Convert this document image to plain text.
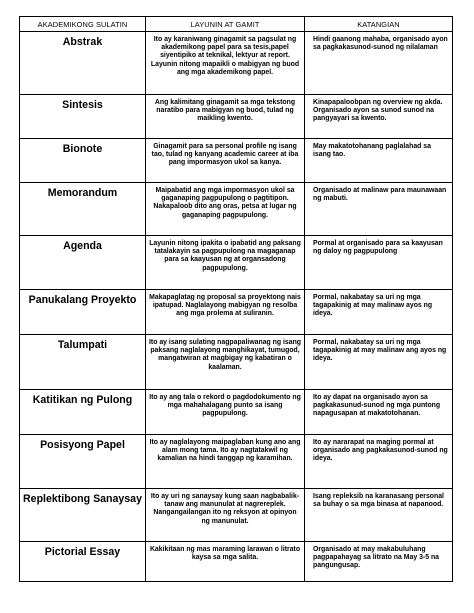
AKADEMIKONG SULATIN	LAYUNIN AT GAMIT	KATANGIAN
Abstrak	Ito ay karaniwang ginagamit sa pagsulat ng akademikong papel para sa tesis,papel siyentipiko at teknikal, lektyur at report. Layunin nitong mapaikli o mabigyan ng buod ang mga akademikong papel.	Hindi gaanong mahaba, organisado ayon sa pagkakasunod-sunod ng nilalaman
Sintesis	Ang kalimitang ginagamit sa mga tekstong naratibo para mabigyan ng buod, tulad ng maikling kwento.	Kinapapaloobpan ng overview ng akda. Organisado ayon sa sunod sunod na pangyayari sa kwento.
Bionote	Ginagamit para sa personal profile ng isang tao, tulad ng kanyang academic career at iba pang impormasyon ukol sa kanya.	May makatotohanang paglalahad sa isang tao.
Memorandum	Maipabatid ang mga impormasyon ukol sa gaganaping pagpupulong o pagtitipon. Nakapaloob dito ang oras, petsa at lugar ng gaganaping pagpupulong.	Organisado at malinaw para maunawaan ng mabuti.
Agenda	Layunin nitong ipakita o ipabatid ang paksang tatalakayin sa pagpupulong na magaganap para sa kaayusan ng at organsadong pagpupulong.	Pormal at organisado para sa kaayusan ng daloy ng pagpupulong
Panukalang Proyekto	Makapaglatag ng proposal sa proyektong nais ipatupad. Naglalayong mabigyan ng resolba ang mga prolema at suliranin.	Pormal, nakabatay sa uri ng mga tagapakinig at may malinaw ayos ng ideya.
Talumpati	Ito ay isang sulating nagpapaliwanag ng isang paksang naglalayong manghikayat, tumugod, mangatwiran at magbigay ng kabatiran o kaalaman.	Pormal, nakabatay sa uri ng mga tagapakinig at may malinaw ang ayos ng ideya.
Katitikan ng Pulong	Ito ay ang tala o rekord o pagdodokumento ng mga mahahalagang punto sa isang pagpupulong.	Ito ay dapat na organisado ayon sa pagkakasunud-sunod ng mga puntong napagusapan at makatotohanan.
Posisyong Papel	Ito ay naglalayong maipaglaban kung ano ang alam mong tama. Ito ay nagtatakwil ng kamalian na hindi tanggap ng karamihan.	Ito ay nararapat na maging pormal at organisado ang pagkakasunod-sunod ng ideya.
Replektibong Sanaysay	Ito ay uri ng sanaysay kung saan nagbabalik-tanaw ang manunulat at nagrereplek. Nangangailangan ito ng reksyon at opinyon ng manunulat.	Isang repleksib na karanasang personal sa buhay o sa mga binasa at napanood.
Pictorial Essay	Kakikitaan ng mas maraming larawan o litrato kaysa sa mga salita.	Organisado at may makabuluhang pagpapahayag sa litrato na May 3-5 na pangungusap.
